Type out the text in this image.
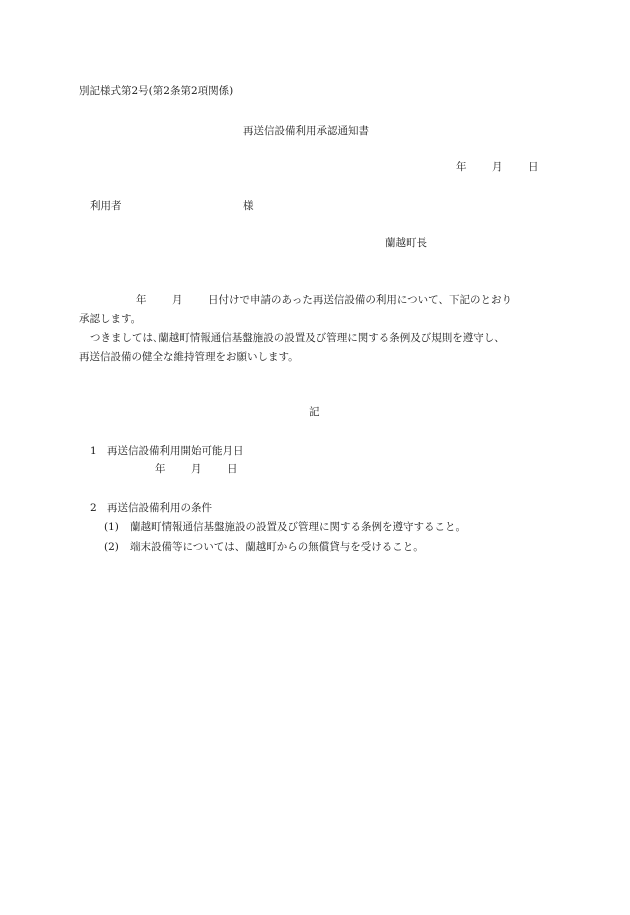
別記様式第2号(第2条第2項関係)
再送信設備利用承認通知書
年 月 日
利用者	様
蘭越町長
年 月 日付けで申請のあった再送信設備の利用について、下記のとおり
承認します。
つきましては､蘭越町情報通信基盤施設の設置及び管理に関する条例及び規則を遵守し、
再送信設備の健全な維持管理をお願いします。
記
1 再送信設備利用開始可能月日
年 月 日
2 再送信設備利用の条件
(1) 蘭越町情報通信基盤施設の設置及び管理に関する条例を遵守すること。
(2) 端末設備等については、蘭越町からの無償貸与を受けること。
